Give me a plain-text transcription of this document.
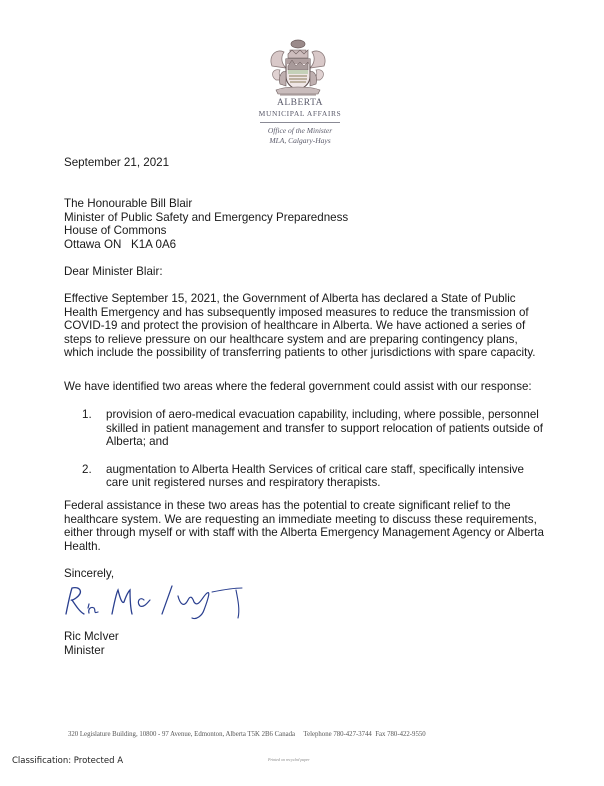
ALBERTA
MUNICIPAL AFFAIRS
Office of the Minister
MLA, Calgary-Hays
September 21, 2021
The Honourable Bill Blair
Minister of Public Safety and Emergency Preparedness
House of Commons
Ottawa ON   K1A 0A6
Dear Minister Blair:
Effective September 15, 2021, the Government of Alberta has declared a State of Public Health Emergency and has subsequently imposed measures to reduce the transmission of COVID-19 and protect the provision of healthcare in Alberta. We have actioned a series of steps to relieve pressure on our healthcare system and are preparing contingency plans, which include the possibility of transferring patients to other jurisdictions with spare capacity.
We have identified two areas where the federal government could assist with our response:
1.	provision of aero-medical evacuation capability, including, where possible, personnel skilled in patient management and transfer to support relocation of patients outside of Alberta; and
2.	augmentation to Alberta Health Services of critical care staff, specifically intensive care unit registered nurses and respiratory therapists.
Federal assistance in these two areas has the potential to create significant relief to the healthcare system. We are requesting an immediate meeting to discuss these requirements, either through myself or with staff with the Alberta Emergency Management Agency or Alberta Health.
Sincerely,
Ric McIver
Minister
320 Legislature Building, 10800 - 97 Avenue, Edmonton, Alberta T5K 2B6 Canada Telephone 780-427-3744 Fax 780-422-9550
Printed on recycled paper
Classification: Protected A
